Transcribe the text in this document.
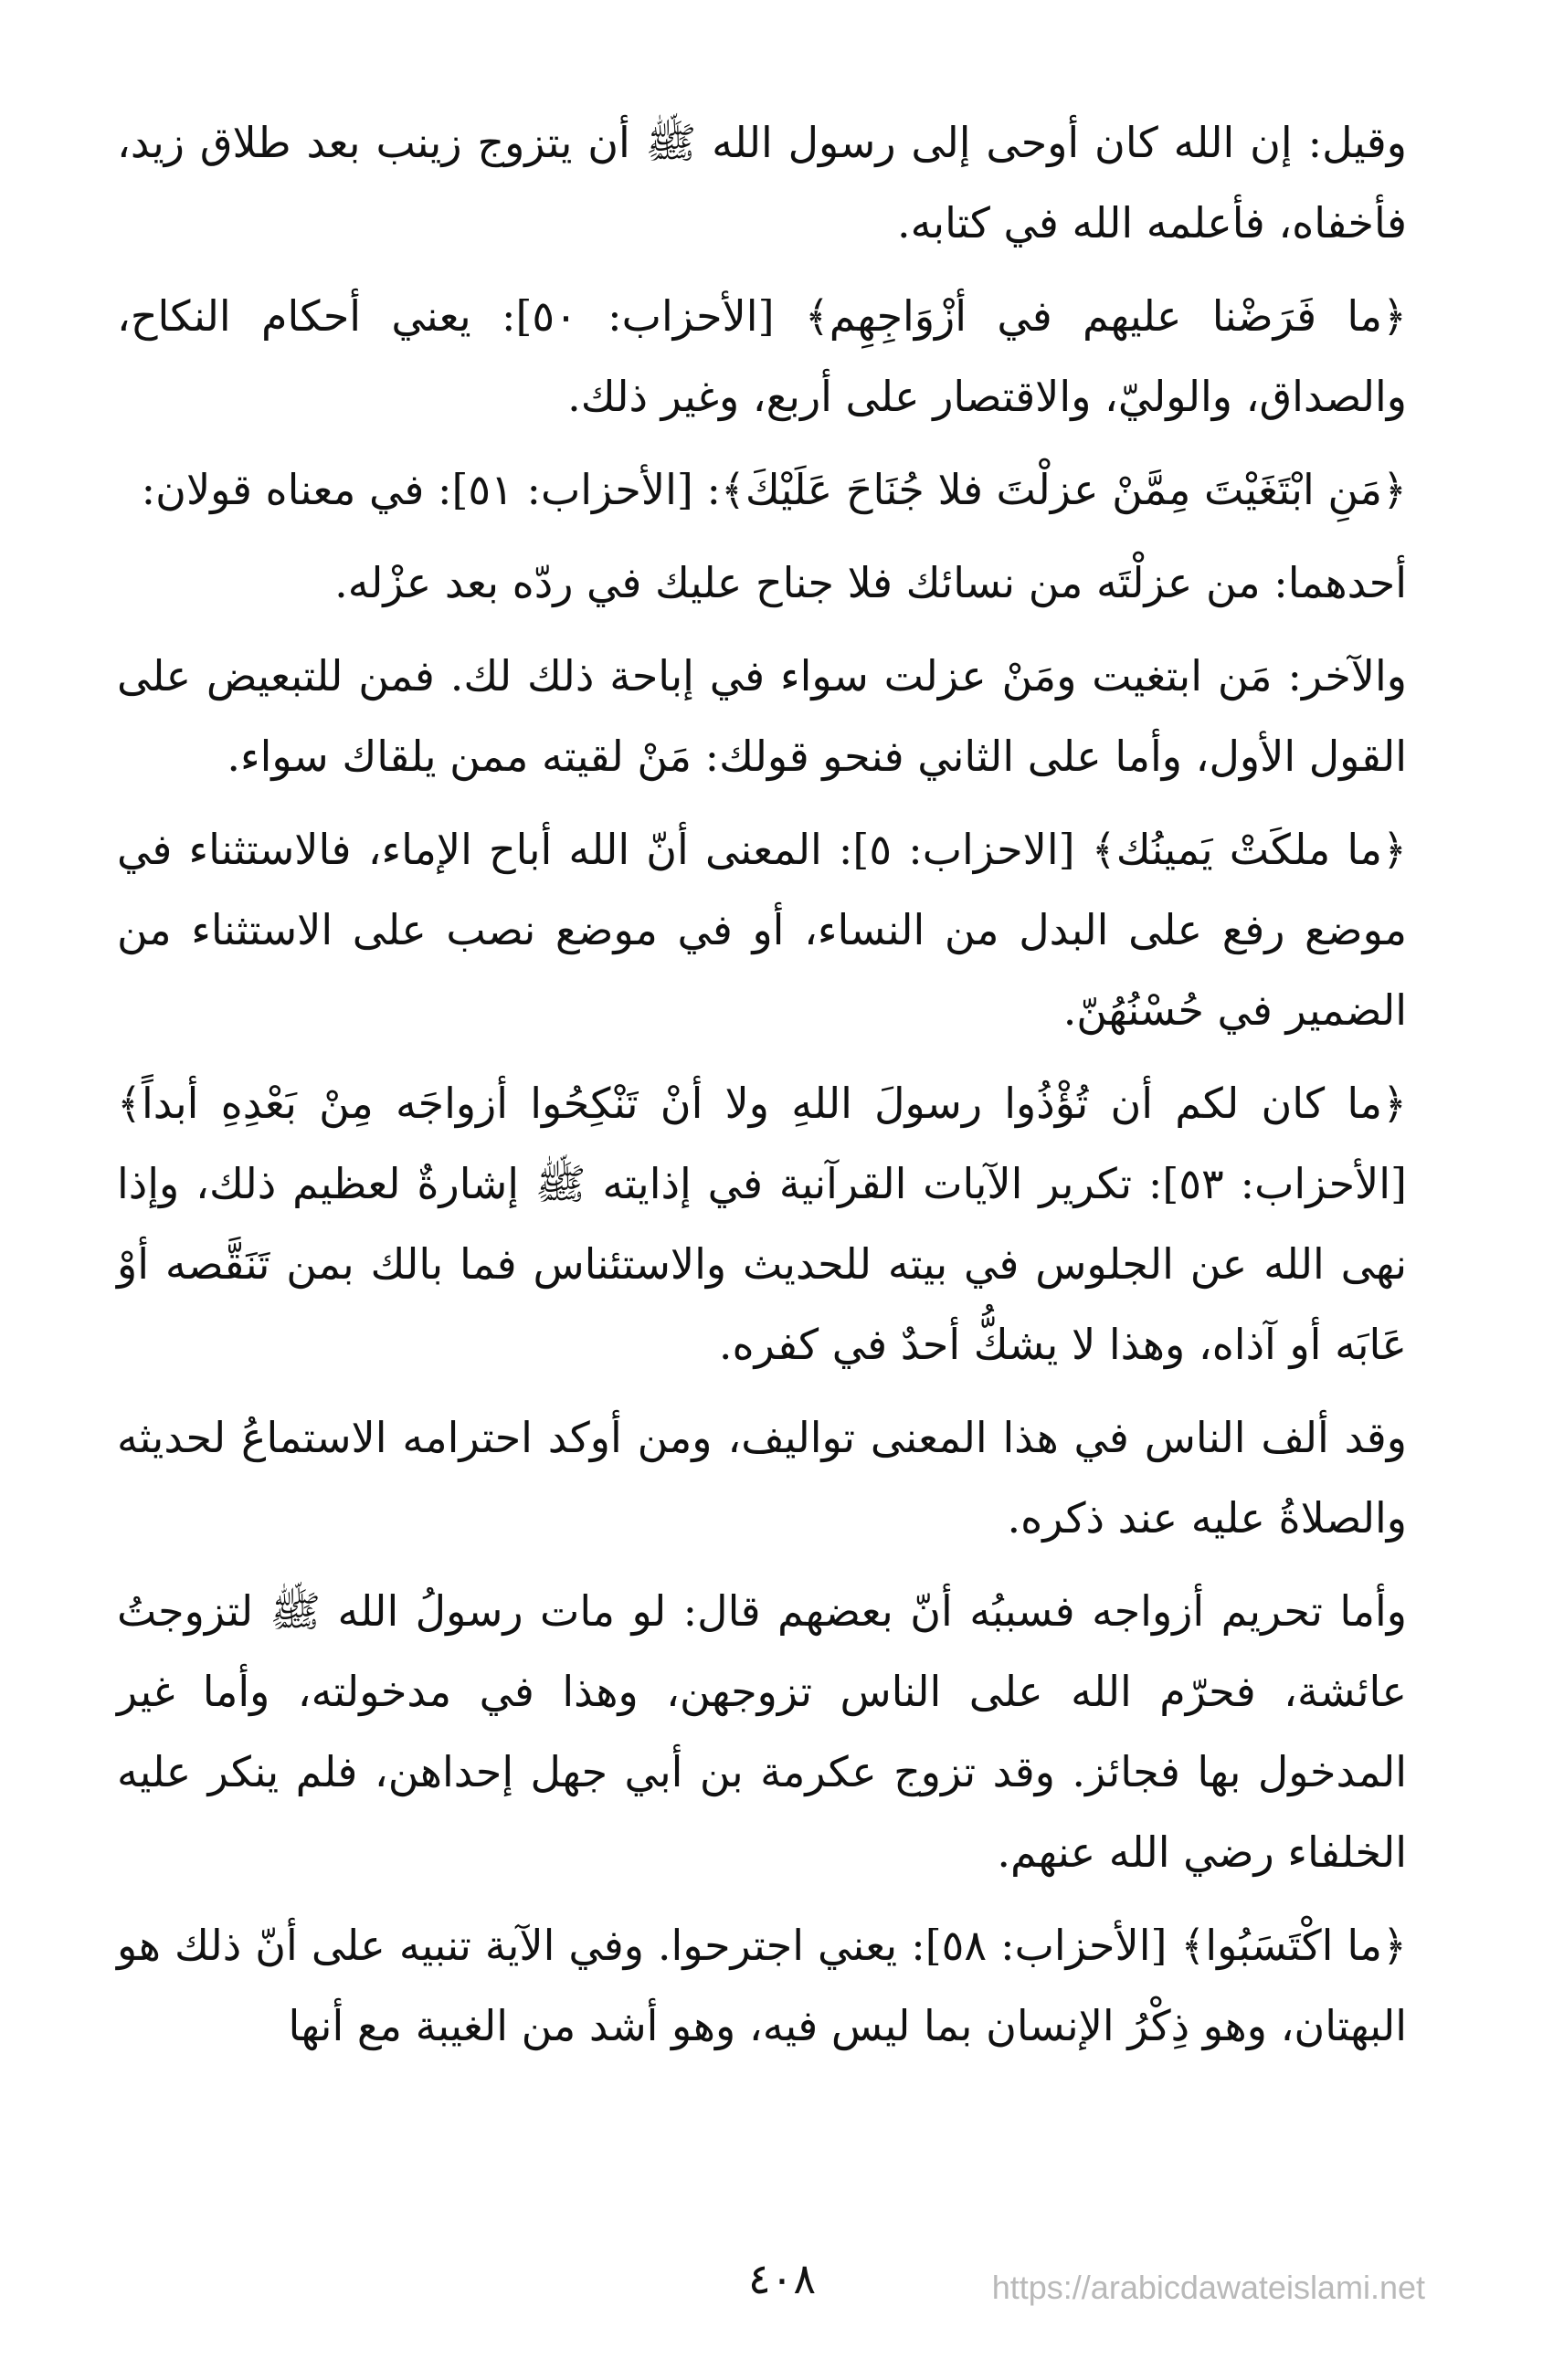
وقيل: إن الله كان أوحى إلى رسول الله ﷺ أن يتزوج زينب بعد طلاق زيد، فأخفاه، فأعلمه الله في كتابه.

﴿ما فَرَضْنا عليهم في أزْوَاجِهِم﴾ [الأحزاب: ٥٠]: يعني أحكام النكاح، والصداق، والوليّ، والاقتصار على أربع، وغير ذلك.

﴿مَنِ ابْتَغَيْتَ مِمَّنْ عزلْتَ فلا جُنَاحَ عَلَيْكَ﴾: [الأحزاب: ٥١]: في معناه قولان:

أحدهما: من عزلْتَه من نسائك فلا جناح عليك في ردّه بعد عزْله.

والآخر: مَن ابتغيت ومَنْ عزلت سواء في إباحة ذلك لك. فمن للتبعيض على القول الأول، وأما على الثاني فنحو قولك: مَنْ لقيته ممن يلقاك سواء.

﴿ما ملكَتْ يَمينُك﴾ [الاحزاب: ٥]: المعنى أنّ الله أباح الإماء، فالاستثناء في موضع رفع على البدل من النساء، أو في موضع نصب على الاستثناء من الضمير في حُسْنُهُنّ.

﴿ما كان لكم أن تُؤْذُوا رسولَ اللهِ ولا أنْ تَنْكِحُوا أزواجَه مِنْ بَعْدِهِ أبداً﴾ [الأحزاب: ٥٣]: تكرير الآيات القرآنية في إذايته ﷺ إشارةٌ لعظيم ذلك، وإذا نهى الله عن الجلوس في بيته للحديث والاستئناس فما بالك بمن تَنَقَّصه أوْ عَابَه أو آذاه، وهذا لا يشكُّ أحدٌ في كفره.

وقد ألف الناس في هذا المعنى تواليف، ومن أوكد احترامه الاستماعُ لحديثه والصلاةُ عليه عند ذكره.

وأما تحريم أزواجه فسببُه أنّ بعضهم قال: لو مات رسولُ الله ﷺ لتزوجتُ عائشة، فحرّم الله على الناس تزوجهن، وهذا في مدخولته، وأما غير المدخول بها فجائز. وقد تزوج عكرمة بن أبي جهل إحداهن، فلم ينكر عليه الخلفاء رضي الله عنهم.

﴿ما اكْتَسَبُوا﴾ [الأحزاب: ٥٨]: يعني اجترحوا. وفي الآية تنبيه على أنّ ذلك هو البهتان، وهو ذِكْرُ الإنسان بما ليس فيه، وهو أشد من الغيبة مع أنها

٤٠٨	https://arabicdawateislami.net
